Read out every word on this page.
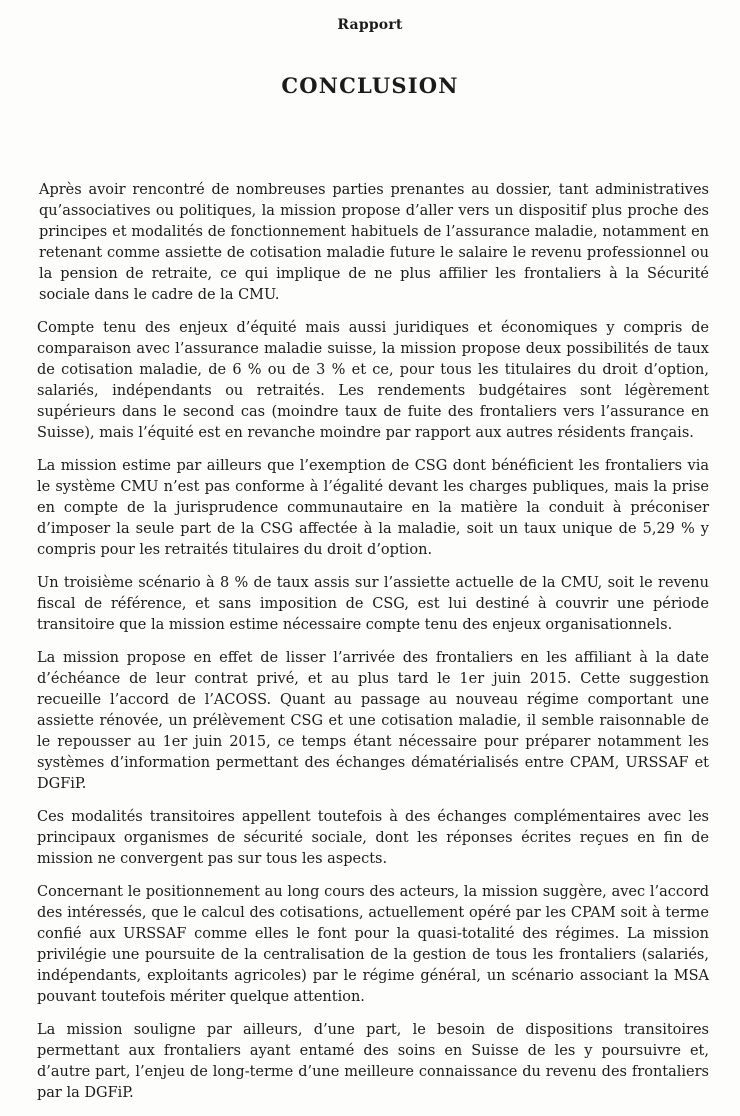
Rapport
CONCLUSION

Après avoir rencontré de nombreuses parties prenantes au dossier, tant administratives qu’associatives ou politiques, la mission propose d’aller vers un dispositif plus proche des principes et modalités de fonctionnement habituels de l’assurance maladie, notamment en retenant comme assiette de cotisation maladie future le salaire le revenu professionnel ou la pension de retraite, ce qui implique de ne plus affilier les frontaliers à la Sécurité sociale dans le cadre de la CMU.

Compte tenu des enjeux d’équité mais aussi juridiques et économiques y compris de comparaison avec l’assurance maladie suisse, la mission propose deux possibilités de taux de cotisation maladie, de 6 % ou de 3 % et ce, pour tous les titulaires du droit d’option, salariés, indépendants ou retraités. Les rendements budgétaires sont légèrement supérieurs dans le second cas (moindre taux de fuite des frontaliers vers l’assurance en Suisse), mais l’équité est en revanche moindre par rapport aux autres résidents français.

La mission estime par ailleurs que l’exemption de CSG dont bénéficient les frontaliers via le système CMU n’est pas conforme à l’égalité devant les charges publiques, mais la prise en compte de la jurisprudence communautaire en la matière la conduit à préconiser d’imposer la seule part de la CSG affectée à la maladie, soit un taux unique de 5,29 % y compris pour les retraités titulaires du droit d’option.

Un troisième scénario à 8 % de taux assis sur l’assiette actuelle de la CMU, soit le revenu fiscal de référence, et sans imposition de CSG, est lui destiné à couvrir une période transitoire que la mission estime nécessaire compte tenu des enjeux organisationnels.

La mission propose en effet de lisser l’arrivée des frontaliers en les affiliant à la date d’échéance de leur contrat privé, et au plus tard le 1er juin 2015. Cette suggestion recueille l’accord de l’ACOSS. Quant au passage au nouveau régime comportant une assiette rénovée, un prélèvement CSG et une cotisation maladie, il semble raisonnable de le repousser au 1er juin 2015, ce temps étant nécessaire pour préparer notamment les systèmes d’information permettant des échanges dématérialisés entre CPAM, URSSAF et DGFiP.

Ces modalités transitoires appellent toutefois à des échanges complémentaires avec les principaux organismes de sécurité sociale, dont les réponses écrites reçues en fin de mission ne convergent pas sur tous les aspects.

Concernant le positionnement au long cours des acteurs, la mission suggère, avec l’accord des intéressés, que le calcul des cotisations, actuellement opéré par les CPAM soit à terme confié aux URSSAF comme elles le font pour la quasi-totalité des régimes. La mission privilégie une poursuite de la centralisation de la gestion de tous les frontaliers (salariés, indépendants, exploitants agricoles) par le régime général, un scénario associant la MSA pouvant toutefois mériter quelque attention.

La mission souligne par ailleurs, d’une part, le besoin de dispositions transitoires permettant aux frontaliers ayant entamé des soins en Suisse de les y poursuivre et, d’autre part, l’enjeu de long-terme d’une meilleure connaissance du revenu des frontaliers par la DGFiP.
